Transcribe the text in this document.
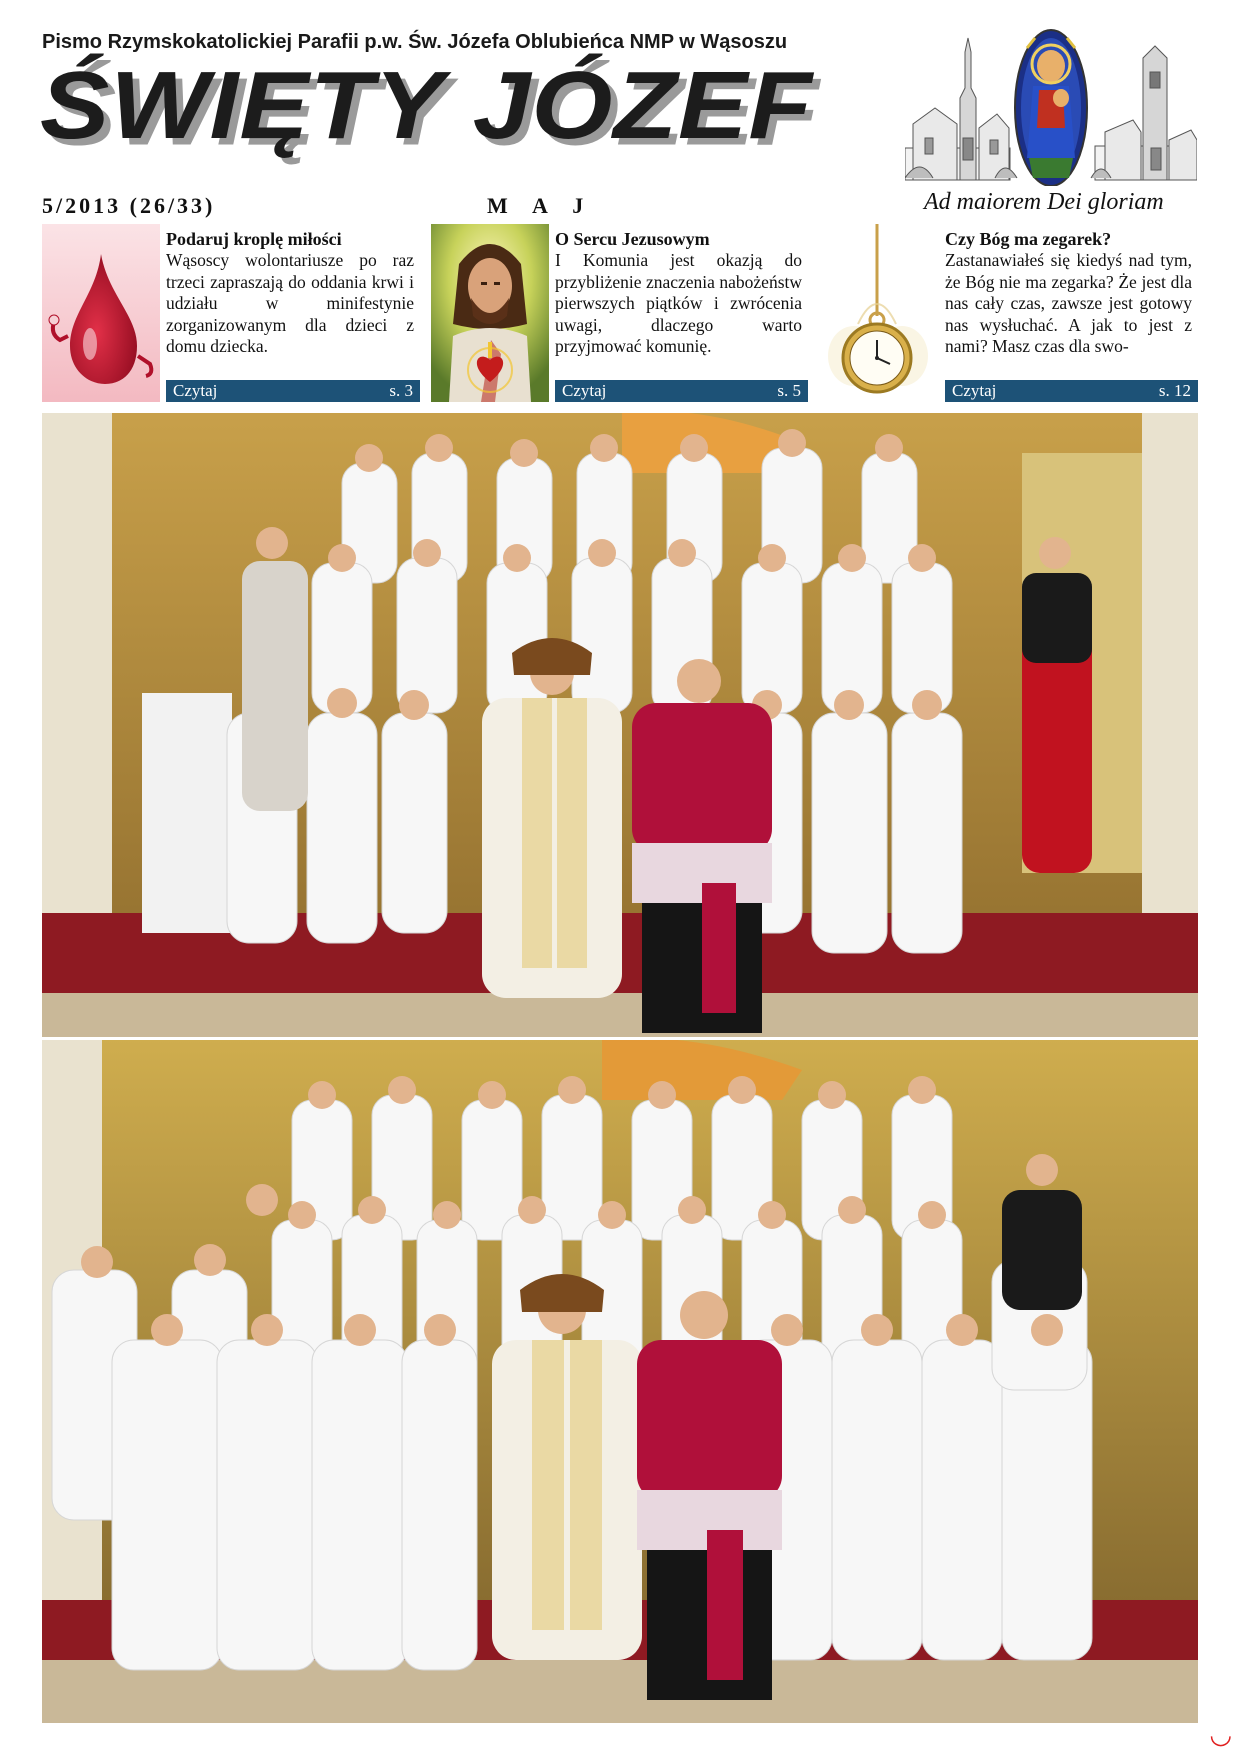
Pismo Rzymskokatolickiej Parafii p.w. Św. Józefa Oblubieńca NMP w Wąsoszu
ŚWIĘTY JÓZEF
5/2013 (26/33)	M A J	Ad maiorem Dei gloriam
Podaruj kroplę miłości
Wąsoscy wolontariusze po raz trzeci zapraszają do oddania krwi i udziału w minifestynie zorganizowanym dla dzieci z domu dziecka.
Czytaj	s. 3
O Sercu Jezusowym
I Komunia jest okazją do przybliżenie znaczenia nabożeństw pierwszych piątków i zwrócenia uwagi, dlaczego warto przyjmować komunię.
Czytaj	s. 5
Czy Bóg ma zegarek?
Zastanawiałeś się kiedyś nad tym, że Bóg nie ma zegarka? Że jest dla nas cały czas, zawsze jest gotowy nas wysłuchać. A jak to jest z nami? Masz czas dla swo-
Czytaj	s. 12
◡
